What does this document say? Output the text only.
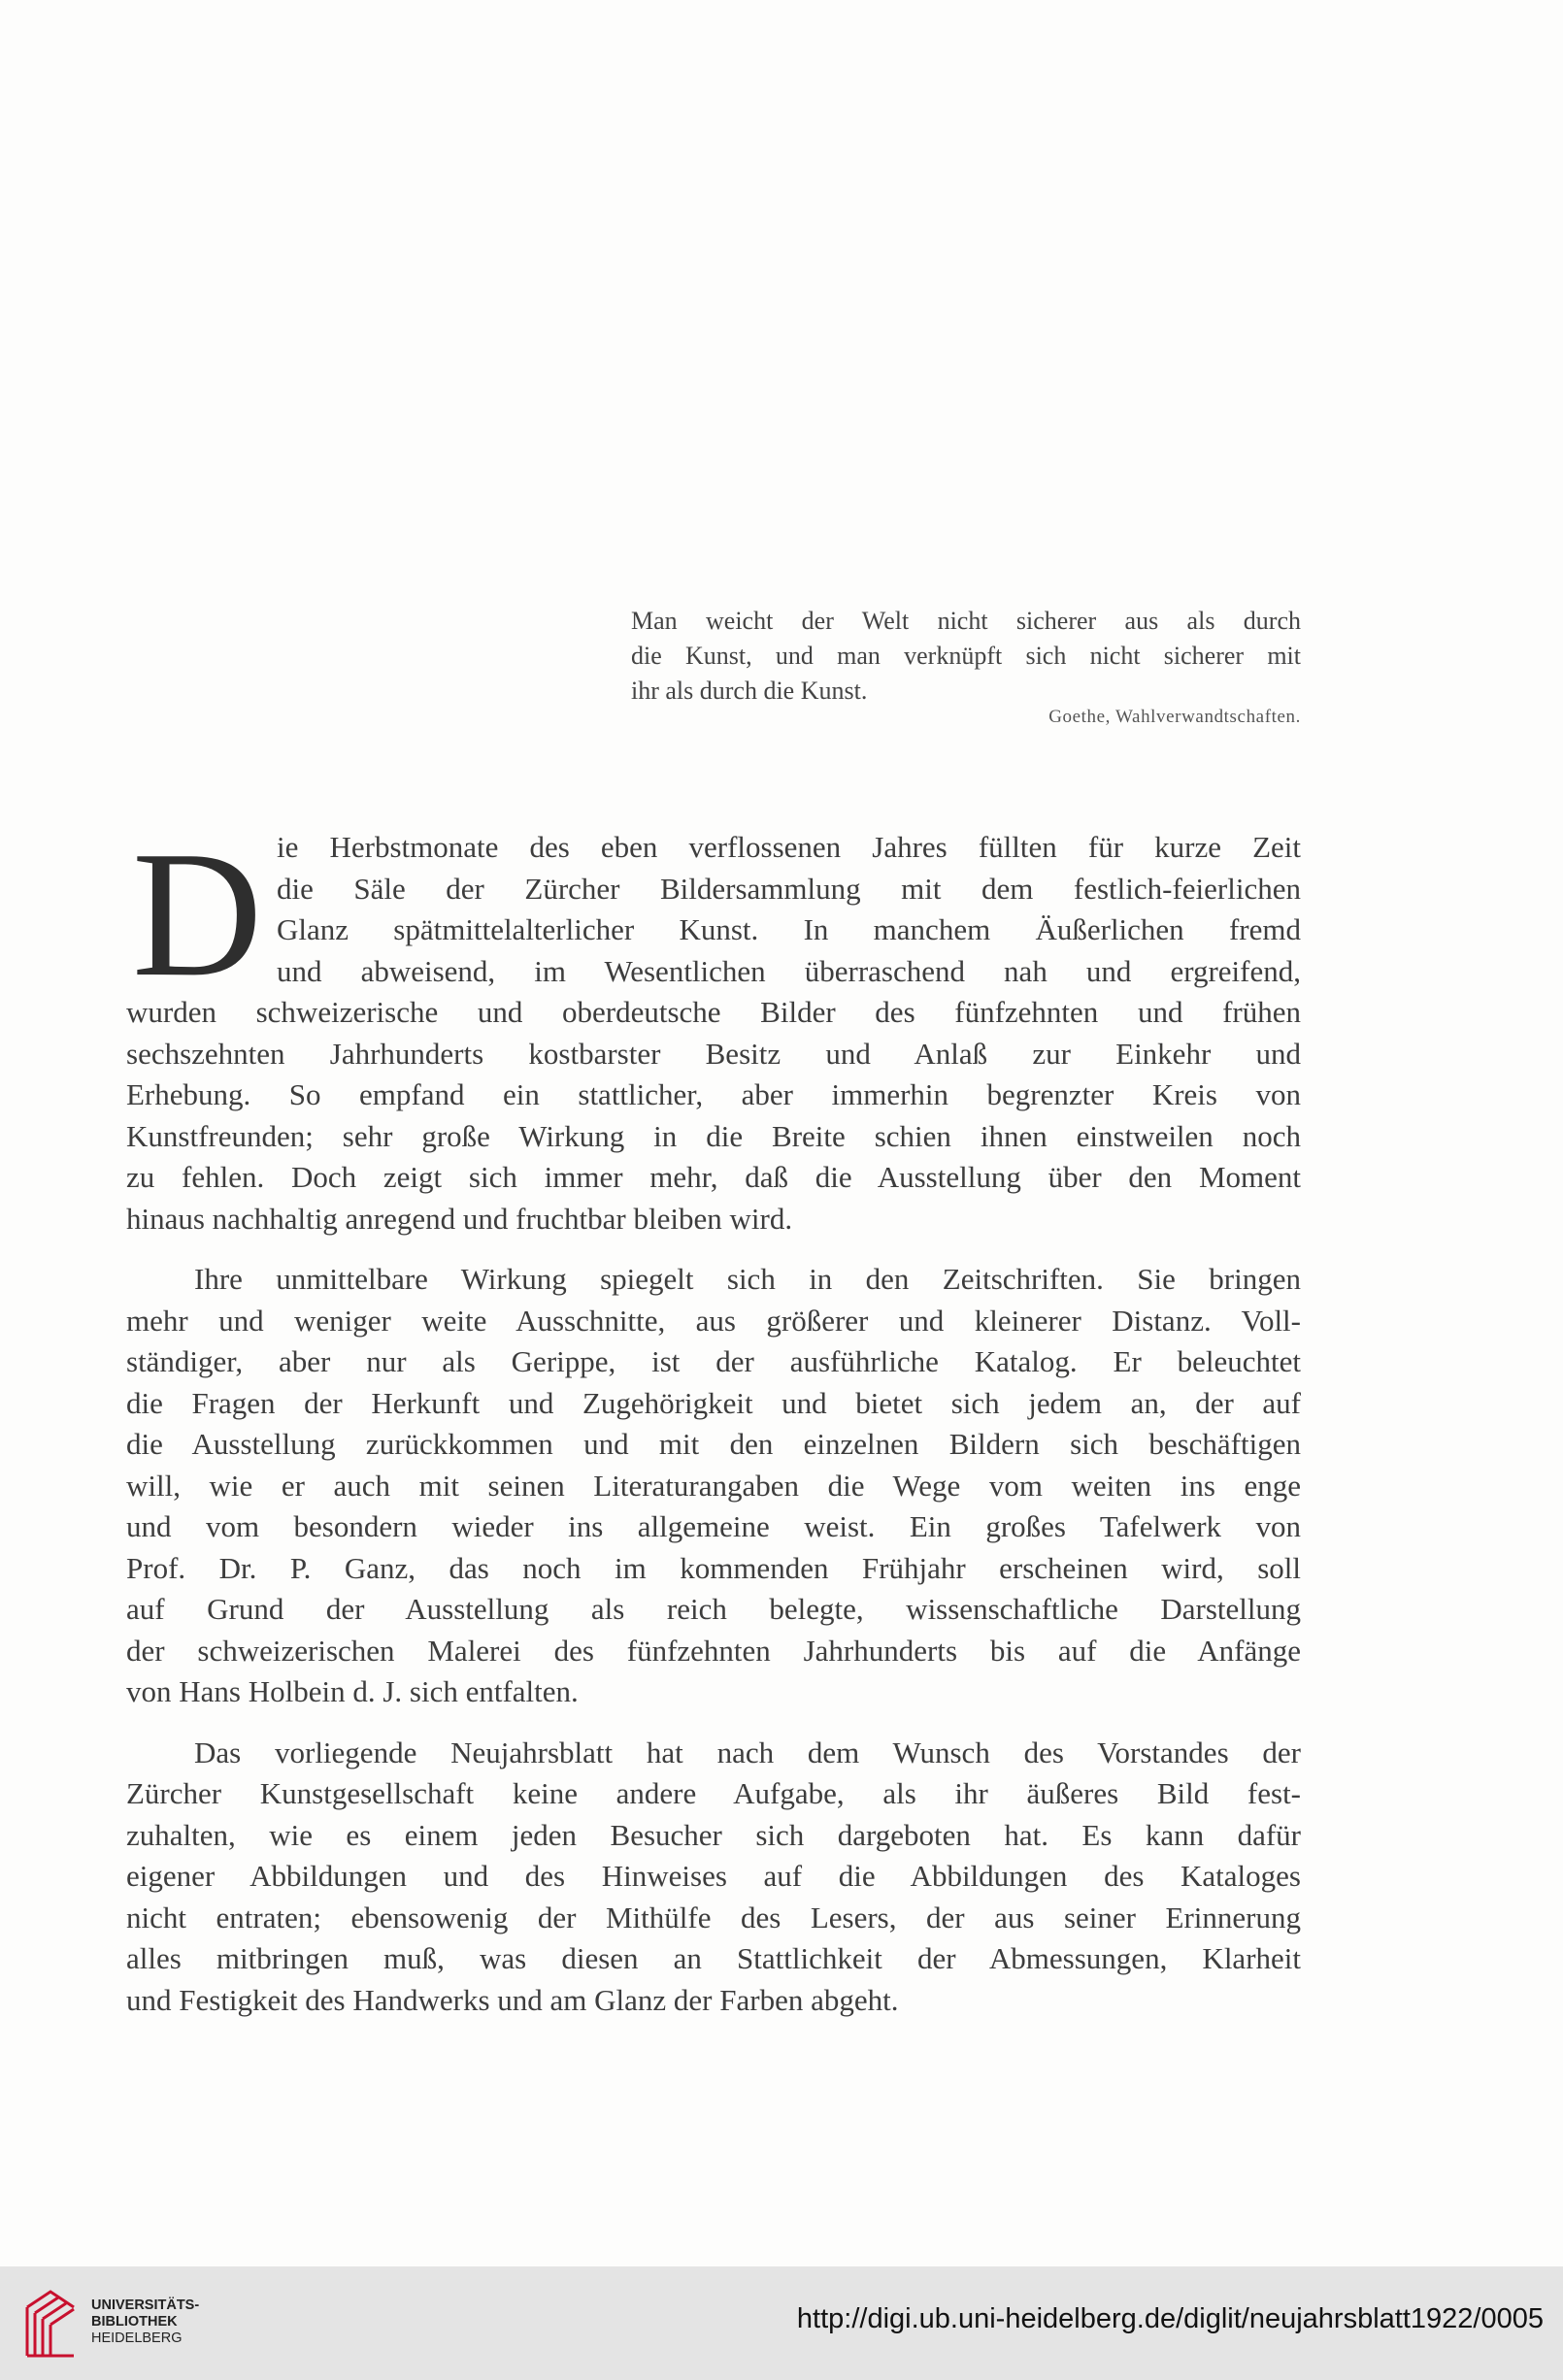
Man weicht der Welt nicht sicherer aus als durch
die Kunst, und man verknüpft sich nicht sicherer mit
ihr als durch die Kunst.
Goethe, Wahlverwandtschaften.
D ie Herbstmonate des eben verflossenen Jahres füllten für kurze Zeit
die Säle der Zürcher Bildersammlung mit dem festlich-feierlichen
Glanz spätmittelalterlicher Kunst. In manchem Äußerlichen fremd
und abweisend, im Wesentlichen überraschend nah und ergreifend,
wurden schweizerische und oberdeutsche Bilder des fünfzehnten und frühen
sechszehnten Jahrhunderts kostbarster Besitz und Anlaß zur Einkehr und
Erhebung. So empfand ein stattlicher, aber immerhin begrenzter Kreis von
Kunstfreunden; sehr große Wirkung in die Breite schien ihnen einstweilen noch
zu fehlen. Doch zeigt sich immer mehr, daß die Ausstellung über den Moment
hinaus nachhaltig anregend und fruchtbar bleiben wird.
Ihre unmittelbare Wirkung spiegelt sich in den Zeitschriften. Sie bringen
mehr und weniger weite Ausschnitte, aus größerer und kleinerer Distanz. Voll-
ständiger, aber nur als Gerippe, ist der ausführliche Katalog. Er beleuchtet
die Fragen der Herkunft und Zugehörigkeit und bietet sich jedem an, der auf
die Ausstellung zurückkommen und mit den einzelnen Bildern sich beschäftigen
will, wie er auch mit seinen Literaturangaben die Wege vom weiten ins enge
und vom besondern wieder ins allgemeine weist. Ein großes Tafelwerk von
Prof. Dr. P. Ganz, das noch im kommenden Frühjahr erscheinen wird, soll
auf Grund der Ausstellung als reich belegte, wissenschaftliche Darstellung
der schweizerischen Malerei des fünfzehnten Jahrhunderts bis auf die Anfänge
von Hans Holbein d. J. sich entfalten.
Das vorliegende Neujahrsblatt hat nach dem Wunsch des Vorstandes der
Zürcher Kunstgesellschaft keine andere Aufgabe, als ihr äußeres Bild fest-
zuhalten, wie es einem jeden Besucher sich dargeboten hat. Es kann dafür
eigener Abbildungen und des Hinweises auf die Abbildungen des Kataloges
nicht entraten; ebensowenig der Mithülfe des Lesers, der aus seiner Erinnerung
alles mitbringen muß, was diesen an Stattlichkeit der Abmessungen, Klarheit
und Festigkeit des Handwerks und am Glanz der Farben abgeht.
UNIVERSITÄTS-
BIBLIOTHEK
HEIDELBERG
http://digi.ub.uni-heidelberg.de/diglit/neujahrsblatt1922/0005
